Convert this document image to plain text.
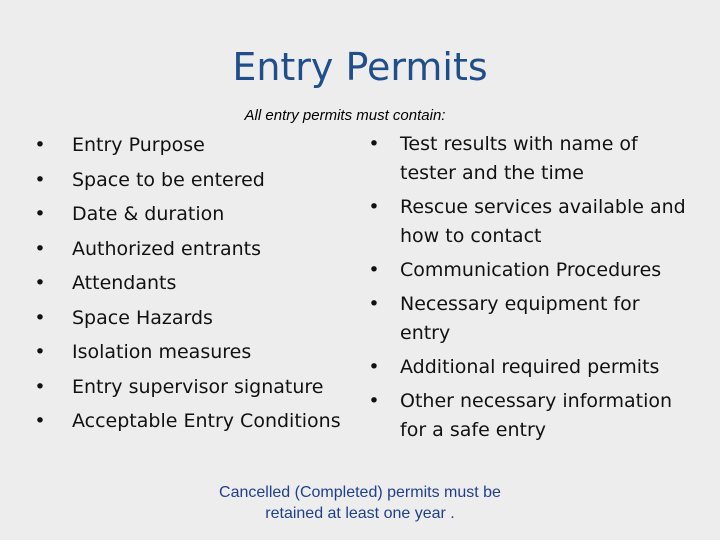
Entry Permits
All entry permits must contain:
• Entry Purpose
• Space to be entered
• Date & duration
• Authorized entrants
• Attendants
• Space Hazards
• Isolation measures
• Entry supervisor signature
• Acceptable Entry Conditions
• Test results with name of tester and the time
• Rescue services available and how to contact
• Communication Procedures
• Necessary equipment for entry
• Additional required permits
• Other necessary information for a safe entry
Cancelled (Completed) permits must be
retained at least one year .
